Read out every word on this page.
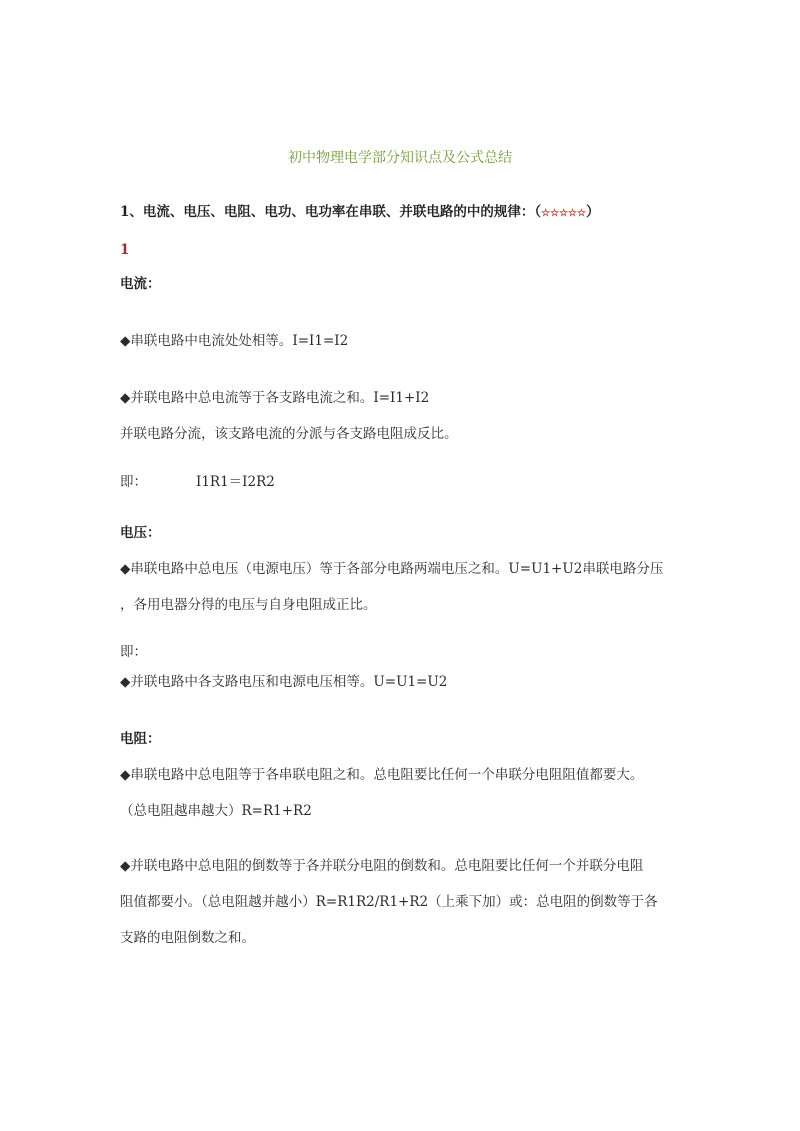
初中物理电学部分知识点及公式总结
1、电流、电压、电阻、电功、电功率在串联、并联电路的中的规律：（☆☆☆☆☆）
1
电流：
◆串联电路中电流处处相等。I=I1=I2
◆并联电路中总电流等于各支路电流之和。I=I1+I2
并联电路分流，该支路电流的分派与各支路电阻成反比。
即：	I1R1＝I2R2
电压：
◆串联电路中总电压（电源电压）等于各部分电路两端电压之和。U=U1+U2串联电路分压
，各用电器分得的电压与自身电阻成正比。
即：
◆并联电路中各支路电压和电源电压相等。U=U1=U2
电阻：
◆串联电路中总电阻等于各串联电阻之和。总电阻要比任何一个串联分电阻阻值都要大。
（总电阻越串越大）R=R1+R2
◆并联电路中总电阻的倒数等于各并联分电阻的倒数和。总电阻要比任何一个并联分电阻
阻值都要小。（总电阻越并越小）R=R1R2/R1+R2（上乘下加）或：总电阻的倒数等于各
支路的电阻倒数之和。
